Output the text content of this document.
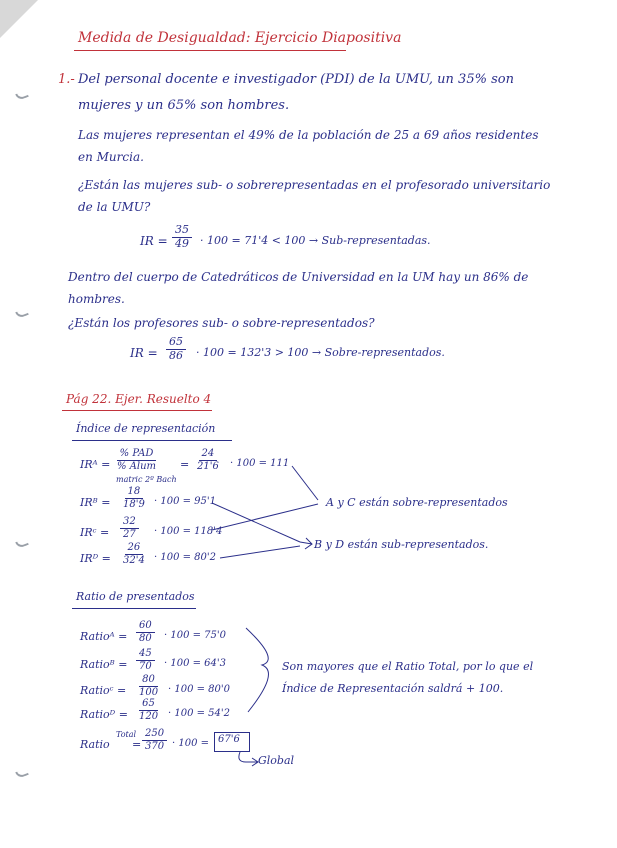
Medida de Desigualdad: Ejercicio Diapositiva
1.- Del personal docente e investigador (PDI) de la UMU, un 35% son
mujeres y un 65% son hombres.
Las mujeres representan el 49% de la población de 25 a 69 años residentes
en Murcia.
¿Están las mujeres sub- o sobrerepresentadas en el profesorado universitario
de la UMU?
IR = $\frac{35}{49} \cdot 100 = 71'4 < 100$ → Sub-representadas.
Dentro del cuerpo de Catedráticos de Universidad en la UM hay un 86% de
hombres.
¿Están los profesores sub- o sobre-representados?
IR = $\frac{65}{86} \cdot 100 = 132'3 > 100$ → Sobre-representados.
Pág 22. Ejer. Resuelto 4
Índice de representación
IRᴬ =
% PAD
% Alum
matric 2º Bach
= $\frac{24}{21'6} \cdot 100 = 111$
IRᴮ = $\frac{18}{18'9} \cdot 100 = 95'1$
IRᶜ = $\frac{32}{27} \cdot 100 = 118'4$
IRᴰ = $\frac{26}{32'4} \cdot 100 = 80'2$
A y C están sobre-representados
B y D están sub-representados.
Ratio de presentados
Ratioᴬ = $\frac{60}{80} \cdot 100 = 75'0$
Ratioᴮ = $\frac{45}{70} \cdot 100 = 64'3$
Ratioᶜ = $\frac{80}{100} \cdot 100 = 80'0$
Ratioᴰ = $\frac{65}{120} \cdot 100 = 54'2$
Ratio
Total
= $\frac{250}{370} \cdot 100 = 67'6$
Global
Son mayores que el Ratio Total, por lo que el
Índice de Representación saldrá + 100.
